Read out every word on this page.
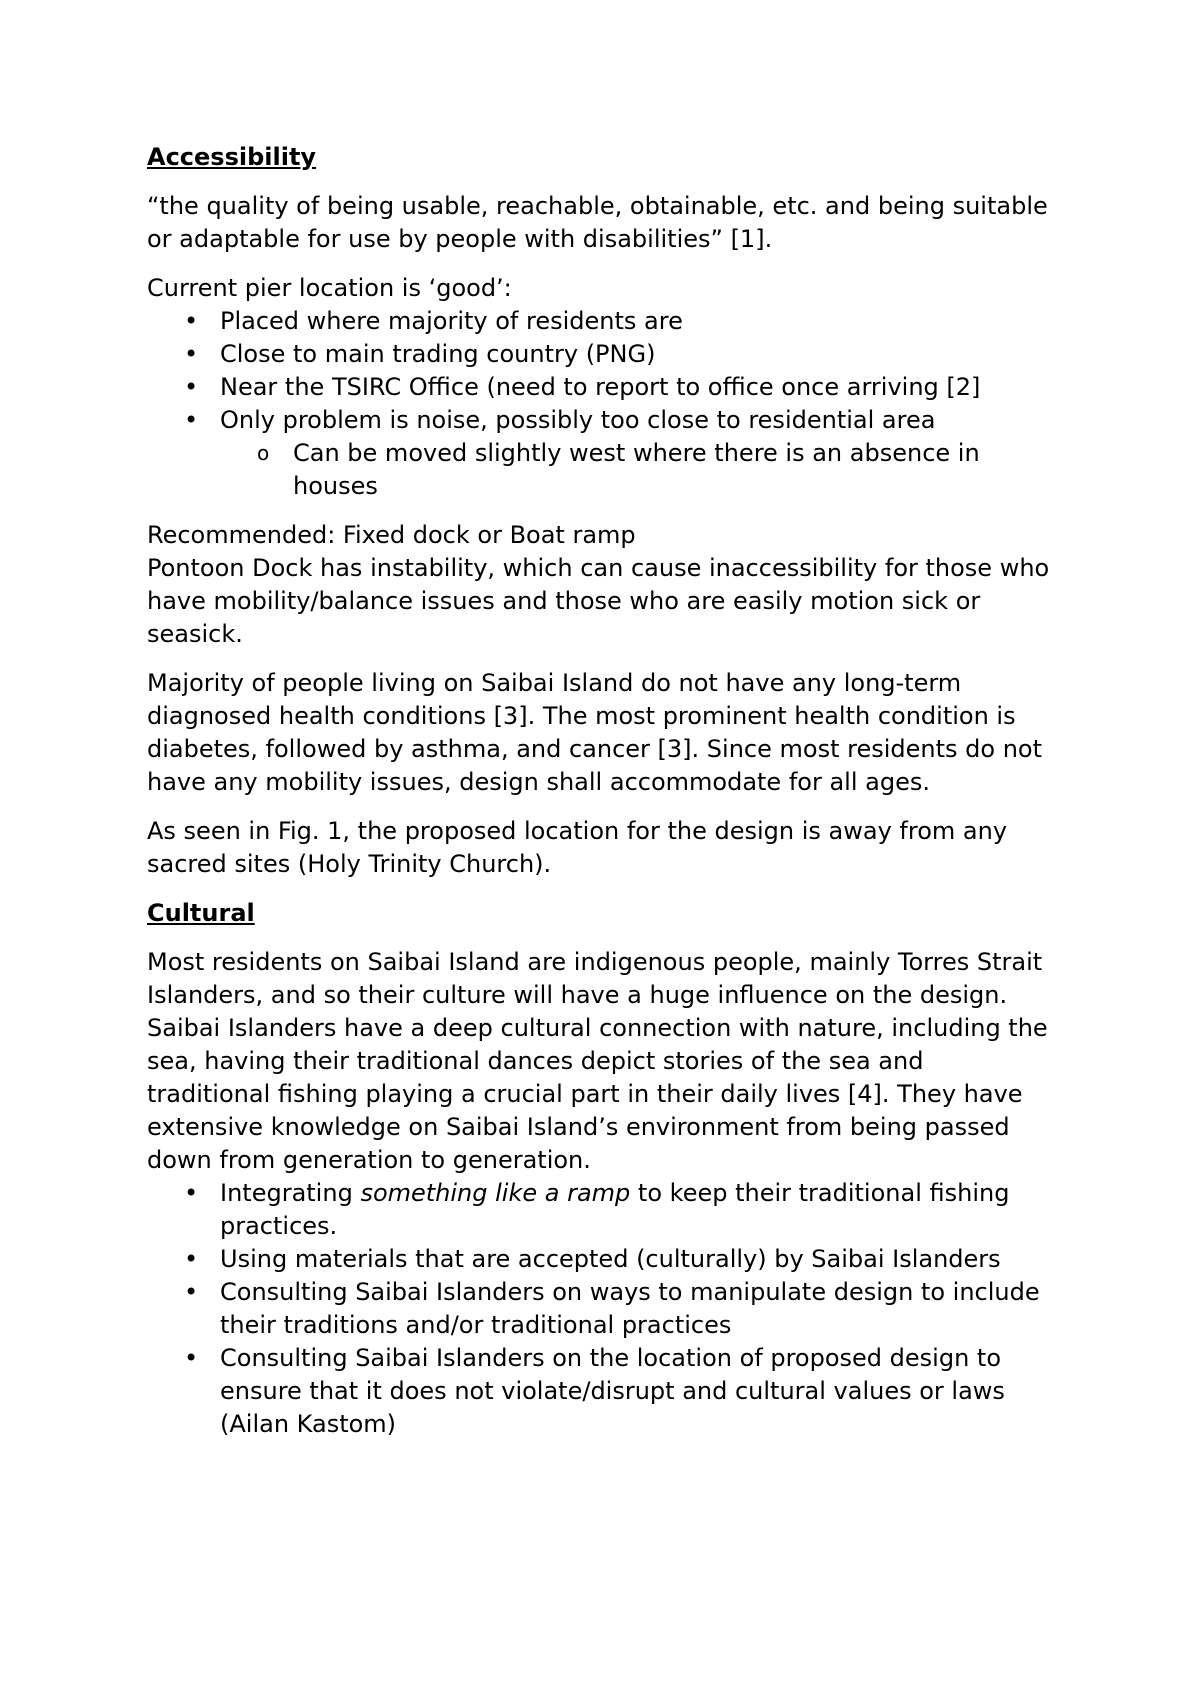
Accessibility
“the quality of being usable, reachable, obtainable, etc. and being suitable
or adaptable for use by people with disabilities” [1].
Current pier location is ‘good’:
• Placed where majority of residents are
• Close to main trading country (PNG)
• Near the TSIRC Office (need to report to office once arriving [2]
• Only problem is noise, possibly too close to residential area
o Can be moved slightly west where there is an absence in
houses
Recommended: Fixed dock or Boat ramp
Pontoon Dock has instability, which can cause inaccessibility for those who
have mobility/balance issues and those who are easily motion sick or
seasick.
Majority of people living on Saibai Island do not have any long-term
diagnosed health conditions [3]. The most prominent health condition is
diabetes, followed by asthma, and cancer [3]. Since most residents do not
have any mobility issues, design shall accommodate for all ages.
As seen in Fig. 1, the proposed location for the design is away from any
sacred sites (Holy Trinity Church).
Cultural
Most residents on Saibai Island are indigenous people, mainly Torres Strait
Islanders, and so their culture will have a huge influence on the design.
Saibai Islanders have a deep cultural connection with nature, including the
sea, having their traditional dances depict stories of the sea and
traditional fishing playing a crucial part in their daily lives [4]. They have
extensive knowledge on Saibai Island’s environment from being passed
down from generation to generation.
• Integrating something like a ramp to keep their traditional fishing
practices.
• Using materials that are accepted (culturally) by Saibai Islanders
• Consulting Saibai Islanders on ways to manipulate design to include
their traditions and/or traditional practices
• Consulting Saibai Islanders on the location of proposed design to
ensure that it does not violate/disrupt and cultural values or laws
(Ailan Kastom)
